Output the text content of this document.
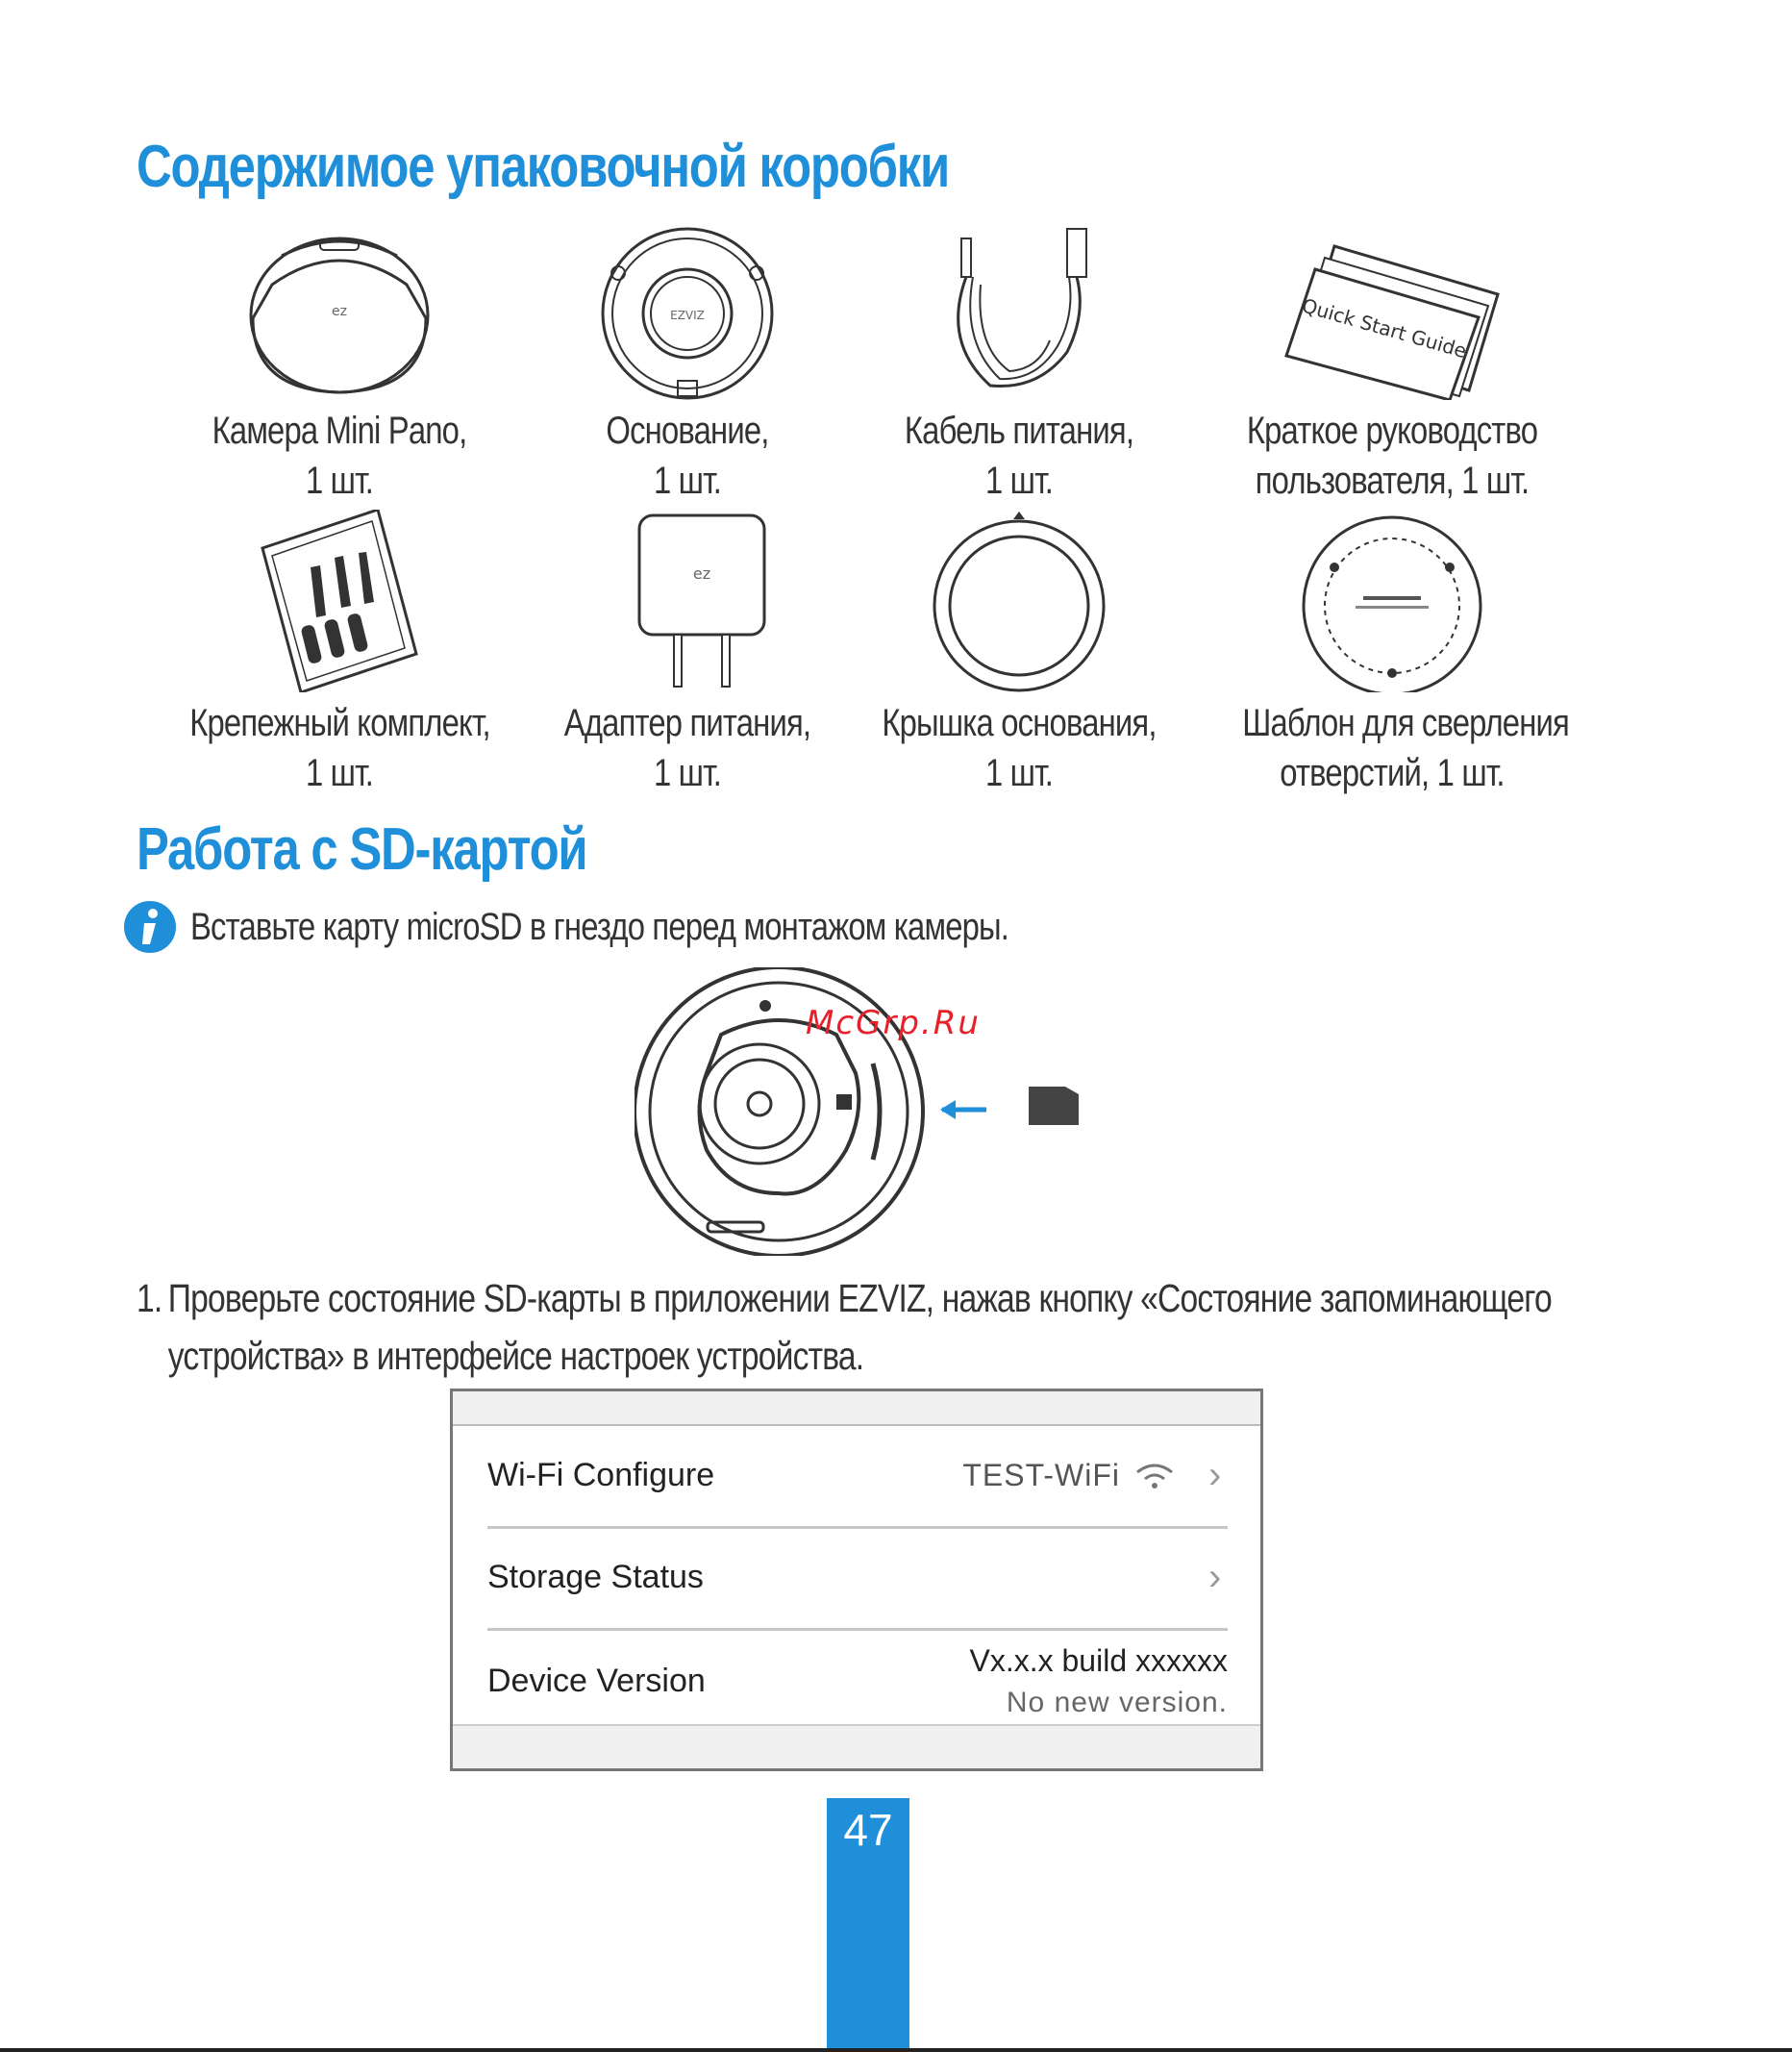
Содержимое упаковочной коробки
ez
Камера Mini Pano,
1 шт.
EZVIZ
Основание,
1 шт.
Кабель питания,
1 шт.
Quick Start Guide
Краткое руководство
пользователя, 1 шт.
Крепежный комплект,
1 шт.
ez
Адаптер питания,
1 шт.
Крышка основания,
1 шт.
Шаблон для сверления
отверстий, 1 шт.
Работа с SD-картой
Вставьте карту microSD в гнездо перед монтажом камеры.
McGrp.Ru
1. Проверьте состояние SD-карты в приложении EZVIZ, нажав кнопку «Состояние запоминающего
устройства» в интерфейсе настроек устройства.
Wi-Fi Configure	TEST-WiFi ›
Storage Status	›
Device Version
Vx.x.x build xxxxxx
No new version.
47
